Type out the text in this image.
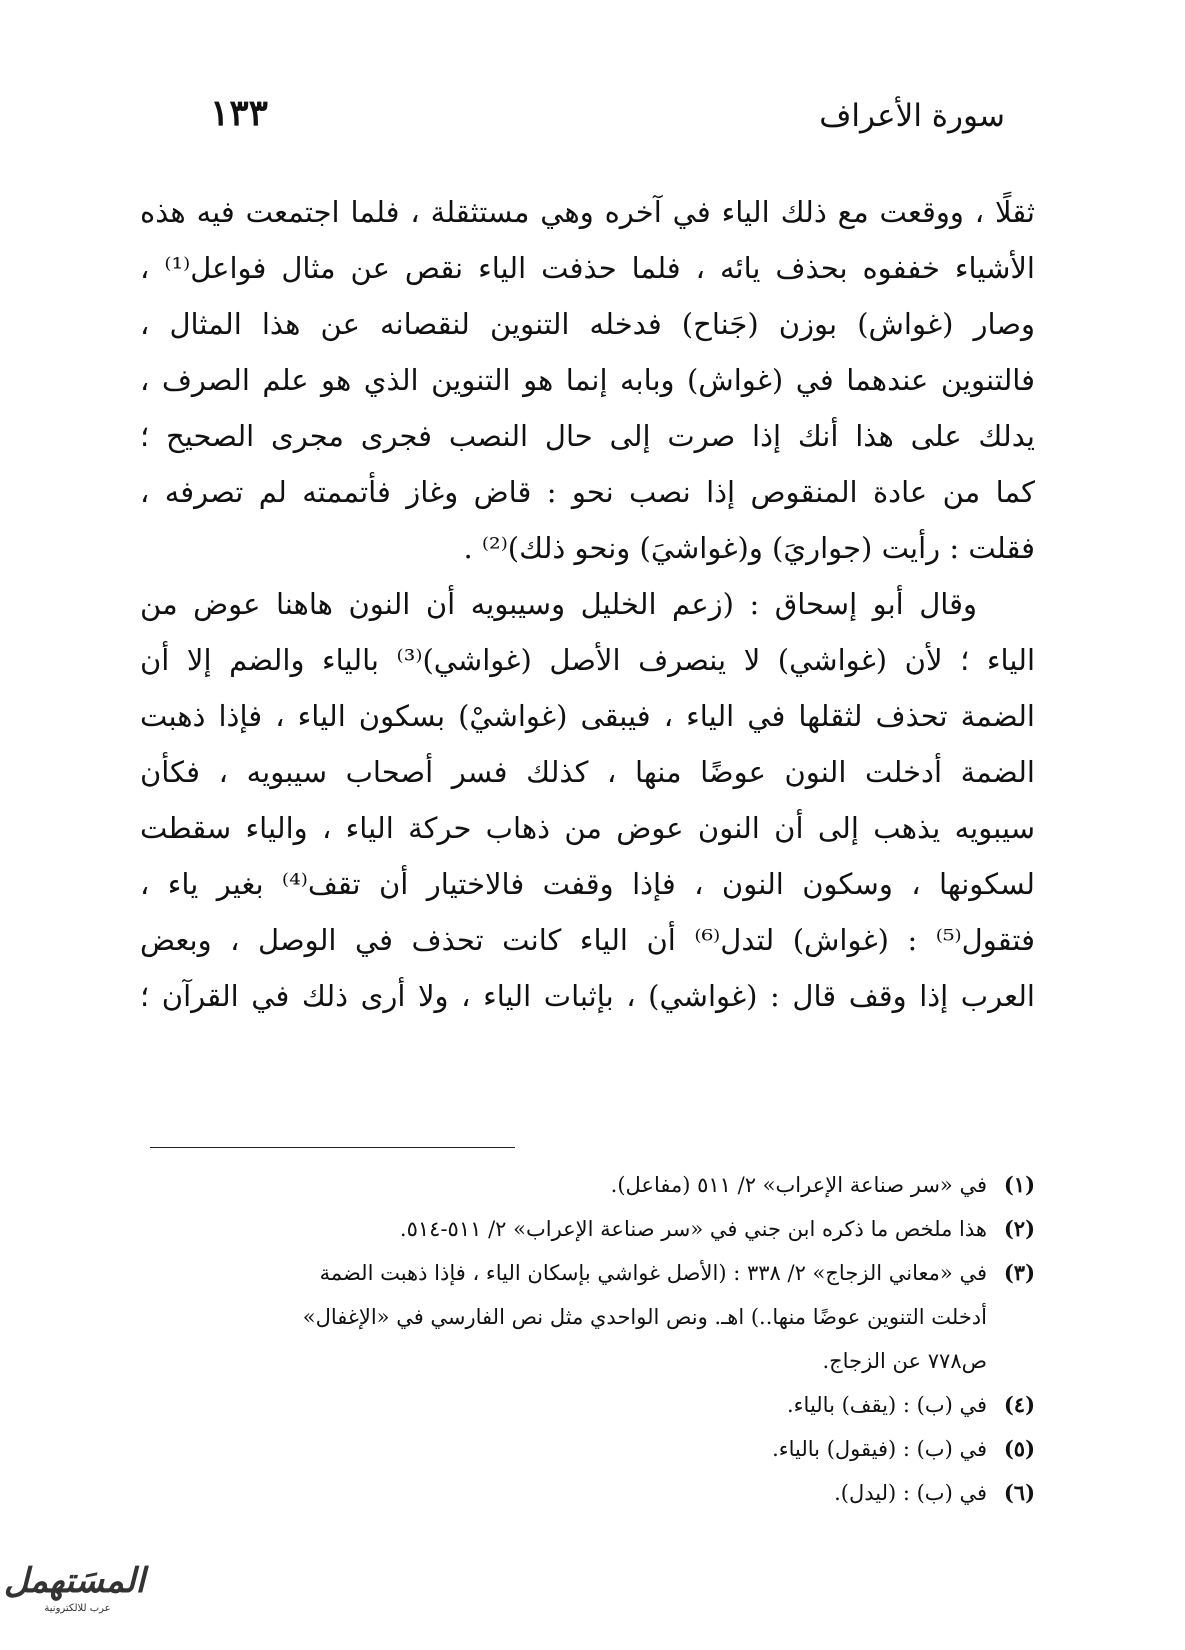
سورة الأعراف
١٣٣
ثقلًا ، ووقعت مع ذلك الياء في آخره وهي مستثقلة ، فلما اجتمعت فيه هذه
الأشياء خففوه بحذف يائه ، فلما حذفت الياء نقص عن مثال فواعل⁽¹⁾ ،
وصار (غواش) بوزن (جَناح) فدخله التنوين لنقصانه عن هذا المثال ،
فالتنوين عندهما في (غواش) وبابه إنما هو التنوين الذي هو علم الصرف ،
يدلك على هذا أنك إذا صرت إلى حال النصب فجرى مجرى الصحيح ؛
كما من عادة المنقوص إذا نصب نحو : قاض وغاز فأتممته لم تصرفه ،
فقلت : رأيت (جواريَ) و(غواشيَ) ونحو ذلك)⁽²⁾ .
وقال أبو إسحاق : (زعم الخليل وسيبويه أن النون هاهنا عوض من
الياء ؛ لأن (غواشي) لا ينصرف الأصل (غواشي)⁽³⁾ بالياء والضم إلا أن
الضمة تحذف لثقلها في الياء ، فيبقى (غواشيْ) بسكون الياء ، فإذا ذهبت
الضمة أدخلت النون عوضًا منها ، كذلك فسر أصحاب سيبويه ، فكأن
سيبويه يذهب إلى أن النون عوض من ذهاب حركة الياء ، والياء سقطت
لسكونها ، وسكون النون ، فإذا وقفت فالاختيار أن تقف⁽⁴⁾ بغير ياء ،
فتقول⁽⁵⁾ : (غواش) لتدل⁽⁶⁾ أن الياء كانت تحذف في الوصل ، وبعض
العرب إذا وقف قال : (غواشي) ، بإثبات الياء ، ولا أرى ذلك في القرآن ؛
(١)
في «سر صناعة الإعراب» ٢/ ٥١١ (مفاعل).
(٢)
هذا ملخص ما ذكره ابن جني في «سر صناعة الإعراب» ٢/ ٥١١-٥١٤.
(٣)
في «معاني الزجاج» ٢/ ٣٣٨ : (الأصل غواشي بإسكان الياء ، فإذا ذهبت الضمة
أدخلت التنوين عوضًا منها..) اهـ. ونص الواحدي مثل نص الفارسي في «الإغفال»
ص٧٧٨ عن الزجاج.
(٤)
في (ب) : (يقف) بالياء.
(٥)
في (ب) : (فيقول) بالياء.
(٦)
في (ب) : (ليدل).
المسَتهمل
عرب للالكترونية
